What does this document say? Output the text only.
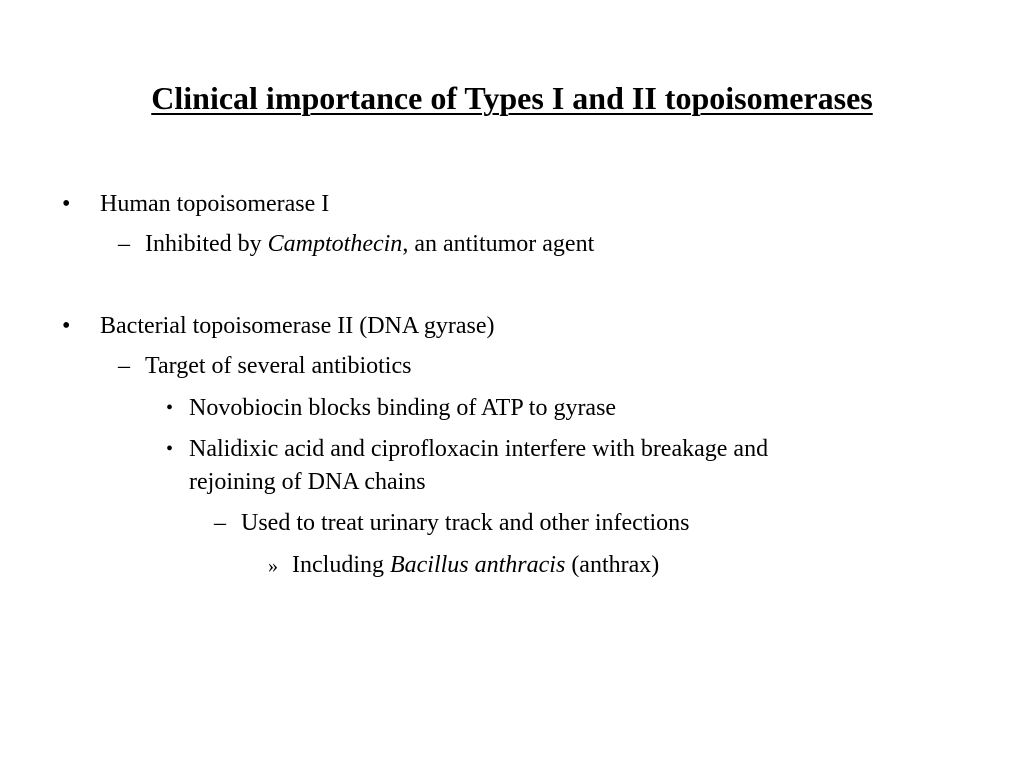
Clinical importance of Types I and II topoisomerases
• Human topoisomerase I
– Inhibited by Camptothecin, an antitumor agent
• Bacterial topoisomerase II (DNA gyrase)
– Target of several antibiotics
• Novobiocin blocks binding of ATP to gyrase
• Nalidixic acid and ciprofloxacin interfere with breakage and
rejoining of DNA chains
– Used to treat urinary track and other infections
» Including Bacillus anthracis (anthrax)
